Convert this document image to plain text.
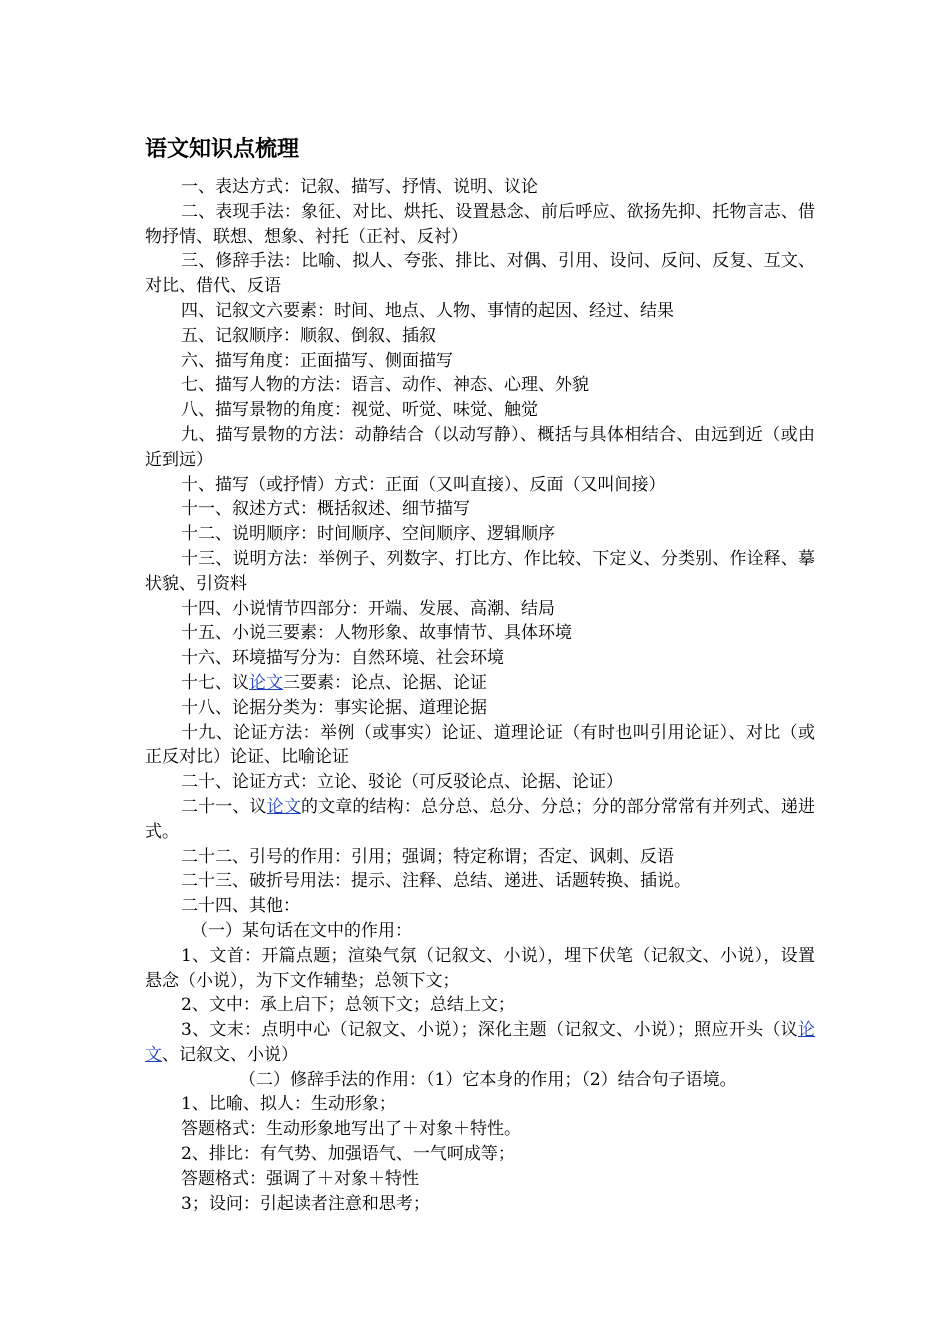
语文知识点梳理

一、表达方式：记叙、描写、抒情、说明、议论

二、表现手法：象征、对比、烘托、设置悬念、前后呼应、欲扬先抑、托物言志、借物抒情、联想、想象、衬托（正衬、反衬）

三、修辞手法：比喻、拟人、夸张、排比、对偶、引用、设问、反问、反复、互文、对比、借代、反语

四、记叙文六要素：时间、地点、人物、事情的起因、经过、结果

五、记叙顺序：顺叙、倒叙、插叙

六、描写角度：正面描写、侧面描写

七、描写人物的方法：语言、动作、神态、心理、外貌

八、描写景物的角度：视觉、听觉、味觉、触觉

九、描写景物的方法：动静结合（以动写静）、概括与具体相结合、由远到近（或由近到远）

十、描写（或抒情）方式：正面（又叫直接）、反面（又叫间接）

十一、叙述方式：概括叙述、细节描写

十二、说明顺序：时间顺序、空间顺序、逻辑顺序

十三、说明方法：举例子、列数字、打比方、作比较、下定义、分类别、作诠释、摹状貌、引资料

十四、小说情节四部分：开端、发展、高潮、结局

十五、小说三要素：人物形象、故事情节、具体环境

十六、环境描写分为：自然环境、社会环境

十七、议论文三要素：论点、论据、论证

十八、论据分类为：事实论据、道理论据

十九、论证方法：举例（或事实）论证、道理论证（有时也叫引用论证）、对比（或正反对比）论证、比喻论证

二十、论证方式：立论、驳论（可反驳论点、论据、论证）

二十一、议论文的文章的结构：总分总、总分、分总；分的部分常常有并列式、递进式。

二十二、引号的作用：引用；强调；特定称谓；否定、讽刺、反语

二十三、破折号用法：提示、注释、总结、递进、话题转换、插说。

二十四、其他：

（一）某句话在文中的作用：

1、文首：开篇点题；渲染气氛（记叙文、小说），埋下伏笔（记叙文、小说），设置悬念（小说），为下文作辅垫；总领下文；

2、文中：承上启下；总领下文；总结上文；

3、文末：点明中心（记叙文、小说）；深化主题（记叙文、小说）；照应开头（议论文、记叙文、小说）

（二）修辞手法的作用：（1）它本身的作用；（2）结合句子语境。

1、比喻、拟人：生动形象；

答题格式：生动形象地写出了＋对象＋特性。

2、排比：有气势、加强语气、一气呵成等；

答题格式：强调了＋对象＋特性

3；设问：引起读者注意和思考；
